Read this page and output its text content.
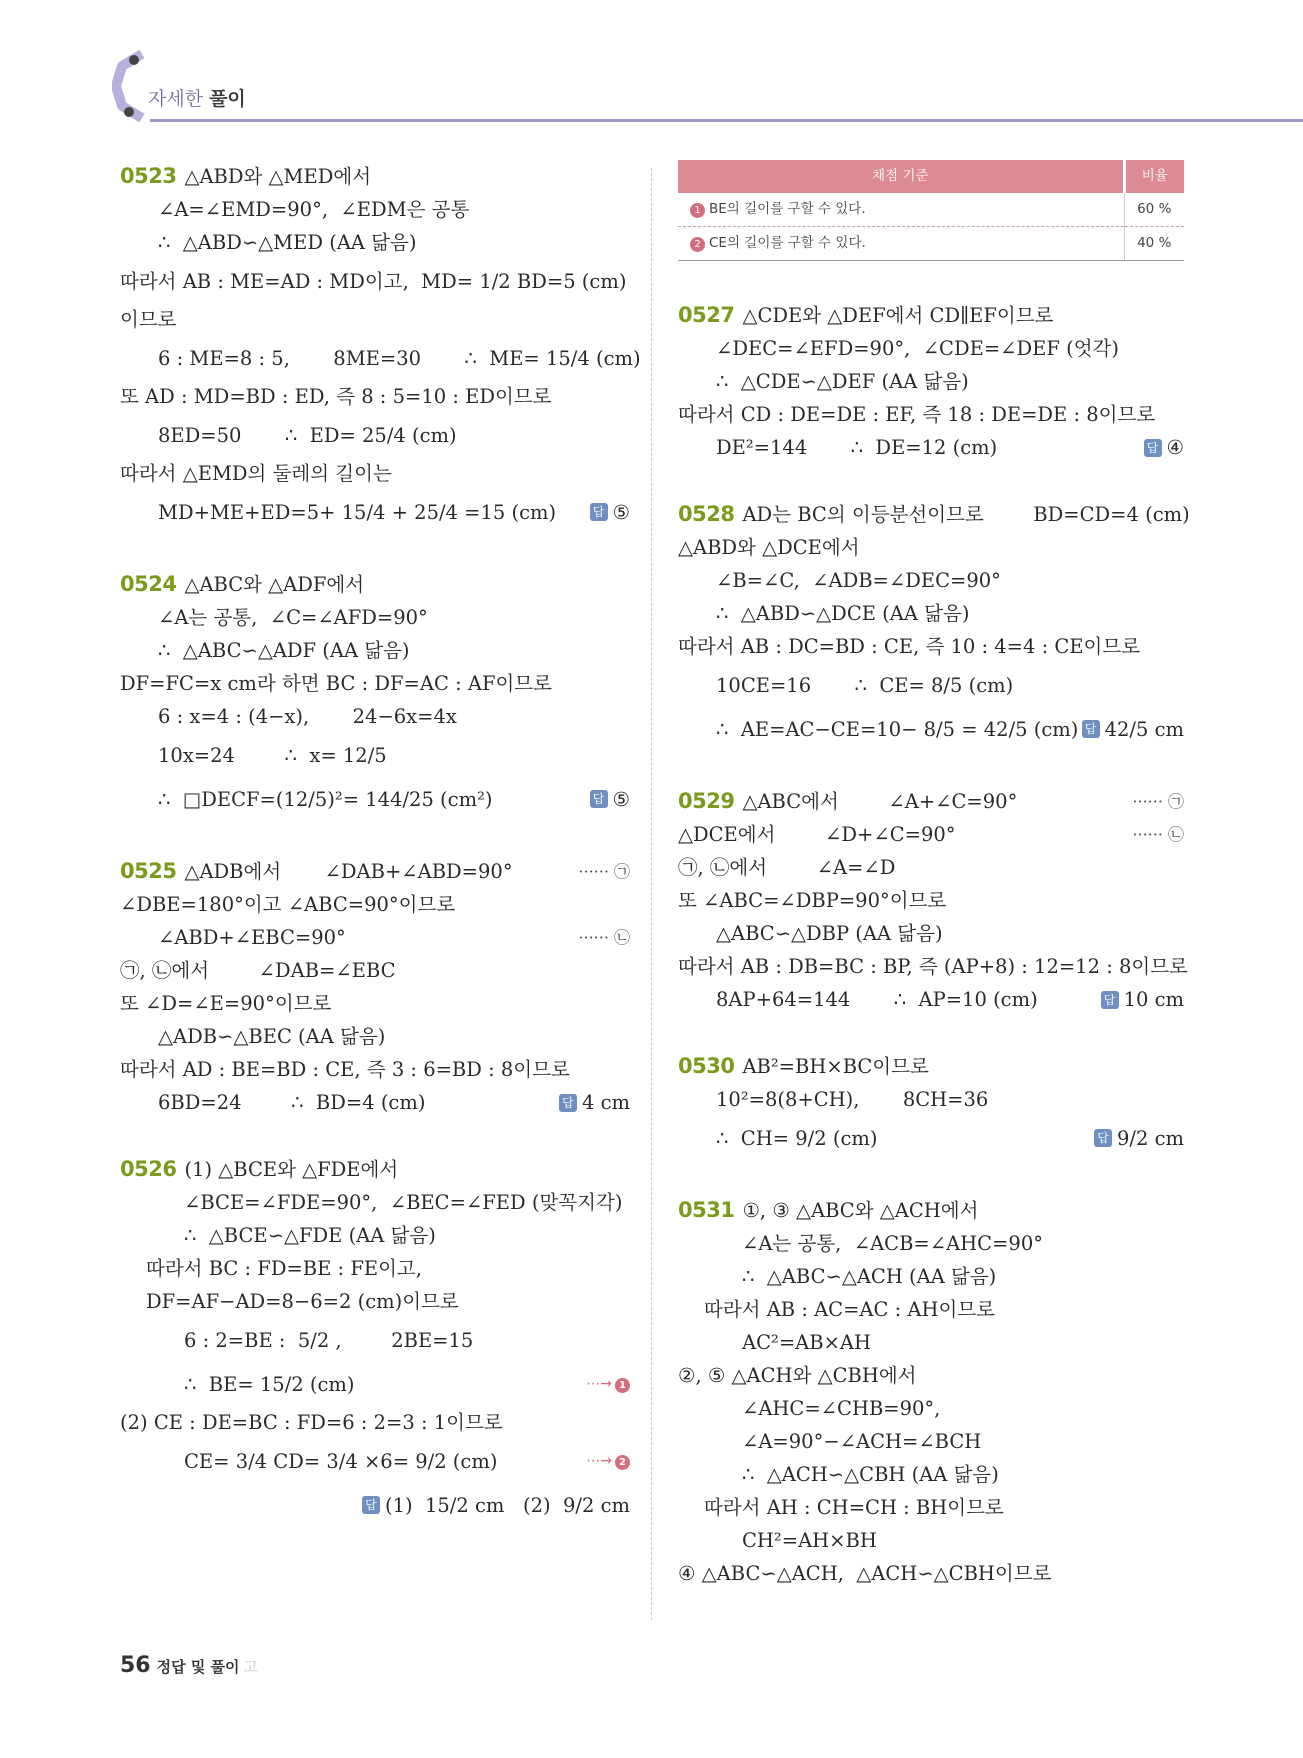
자세한 풀이
0523 △ABD와 △MED에서
∠A=∠EMD=90°,  ∠EDM은 공통
∴  △ABD∽△MED (AA 닮음)
따라서 AB : ME=AD : MD이고,  MD= 1/2 BD=5 (cm)
이므로
6 : ME=8 : 5,       8ME=30       ∴  ME= 15/4 (cm)
또 AD : MD=BD : ED, 즉 8 : 5=10 : ED이므로
8ED=50       ∴  ED= 25/4 (cm)
따라서 △EMD의 둘레의 길이는
MD+ME+ED=5+ 15/4 + 25/4 =15 (cm)	답 ⑤
0524 △ABC와 △ADF에서
∠A는 공통,  ∠C=∠AFD=90°
∴  △ABC∽△ADF (AA 닮음)
DF=FC=x cm라 하면 BC : DF=AC : AF이므로
6 : x=4 : (4−x),       24−6x=4x
10x=24        ∴  x= 12/5
∴  □DECF=(12/5)²= 144/25 (cm²)	답 ⑤
0525 △ADB에서       ∠DAB+∠ABD=90°	······ ㉠
∠DBE=180°이고 ∠ABC=90°이므로
∠ABD+∠EBC=90°	······ ㉡
㉠, ㉡에서        ∠DAB=∠EBC
또 ∠D=∠E=90°이므로
△ADB∽△BEC (AA 닮음)
따라서 AD : BE=BD : CE, 즉 3 : 6=BD : 8이므로
6BD=24        ∴  BD=4 (cm)	답 4 cm
0526 (1) △BCE와 △FDE에서
∠BCE=∠FDE=90°,  ∠BEC=∠FED (맞꼭지각)
∴  △BCE∽△FDE (AA 닮음)
따라서 BC : FD=BE : FE이고,
DF=AF−AD=8−6=2 (cm)이므로
6 : 2=BE :  5/2 ,        2BE=15
∴  BE= 15/2 (cm)	⋯→ 1
(2) CE : DE=BC : FD=6 : 2=3 : 1이므로
CE= 3/4 CD= 3/4 ×6= 9/2 (cm)	⋯→ 2
답 (1)  15/2 cm   (2)  9/2 cm
채점 기준	비율
1 BE의 길이를 구할 수 있다.	60 %
2 CE의 길이를 구할 수 있다.	40 %
0527 △CDE와 △DEF에서 CD∥EF이므로
∠DEC=∠EFD=90°,  ∠CDE=∠DEF (엇각)
∴  △CDE∽△DEF (AA 닮음)
따라서 CD : DE=DE : EF, 즉 18 : DE=DE : 8이므로
DE²=144       ∴  DE=12 (cm)	답 ④
0528 AD는 BC의 이등분선이므로        BD=CD=4 (cm)
△ABD와 △DCE에서
∠B=∠C,  ∠ADB=∠DEC=90°
∴  △ABD∽△DCE (AA 닮음)
따라서 AB : DC=BD : CE, 즉 10 : 4=4 : CE이므로
10CE=16       ∴  CE= 8/5 (cm)
∴  AE=AC−CE=10− 8/5 = 42/5 (cm) 답 42/5 cm
0529 △ABC에서        ∠A+∠C=90°	······ ㉠
△DCE에서        ∠D+∠C=90°	······ ㉡
㉠, ㉡에서        ∠A=∠D
또 ∠ABC=∠DBP=90°이므로
△ABC∽△DBP (AA 닮음)
따라서 AB : DB=BC : BP, 즉 (AP+8) : 12=12 : 8이므로
8AP+64=144       ∴  AP=10 (cm)	답 10 cm
0530 AB²=BH×BC이므로
10²=8(8+CH),       8CH=36
∴  CH= 9/2 (cm)	답 9/2 cm
0531 ①, ③ △ABC와 △ACH에서
∠A는 공통,  ∠ACB=∠AHC=90°
∴  △ABC∽△ACH (AA 닮음)
따라서 AB : AC=AC : AH이므로
AC²=AB×AH
②, ⑤ △ACH와 △CBH에서
∠AHC=∠CHB=90°,
∠A=90°−∠ACH=∠BCH
∴  △ACH∽△CBH (AA 닮음)
따라서 AH : CH=CH : BH이므로
CH²=AH×BH
④ △ABC∽△ACH,  △ACH∽△CBH이므로
56 정답 및 풀이 고
